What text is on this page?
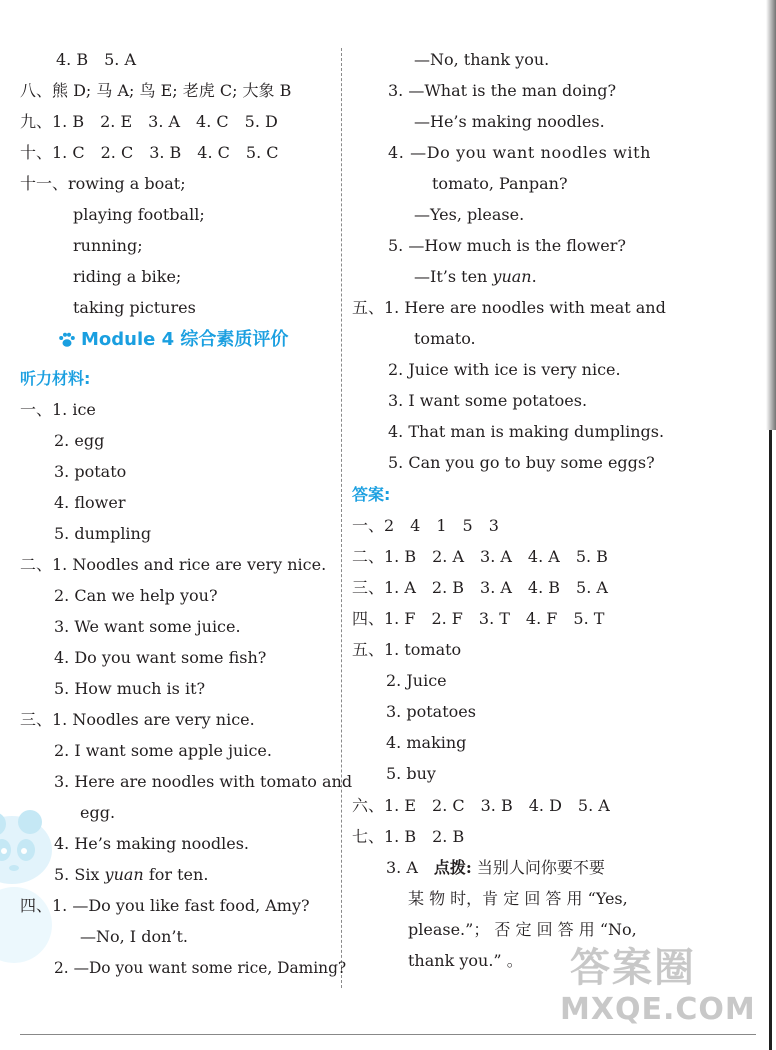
4. B　5. A
八、熊 D; 马 A; 鸟 E; 老虎 C; 大象 B
九、1. B　2. E　3. A　4. C　5. D
十、1. C　2. C　3. B　4. C　5. C
十一、rowing a boat;
playing football;
running;
riding a bike;
taking pictures
Module 4 综合素质评价
听力材料:
一、1. ice
2. egg
3. potato
4. flower
5. dumpling
二、1. Noodles and rice are very nice.
2. Can we help you?
3. We want some juice.
4. Do you want some fish?
5. How much is it?
三、1. Noodles are very nice.
2. I want some apple juice.
3. Here are noodles with tomato and
egg.
4. He’s making noodles.
5. Six yuan for ten.
四、1. —Do you like fast food, Amy?
—No, I don’t.
2. —Do you want some rice, Daming?
—No, thank you.
3. —What is the man doing?
—He’s making noodles.
4. —Do you want noodles with
tomato, Panpan?
—Yes, please.
5. —How much is the flower?
—It’s ten yuan.
五、1. Here are noodles with meat and
tomato.
2. Juice with ice is very nice.
3. I want some potatoes.
4. That man is making dumplings.
5. Can you go to buy some eggs?
答案:
一、2　4　1　5　3
二、1. B　2. A　3. A　4. A　5. B
三、1. A　2. B　3. A　4. B　5. A
四、1. F　2. F　3. T　4. F　5. T
五、1. tomato
2. Juice
3. potatoes
4. making
5. buy
六、1. E　2. C　3. B　4. D　5. A
七、1. B　2. B
3. A　点拨: 当别人问你要不要
某 物 时，肯 定 回 答 用 “Yes,
please.”； 否 定 回 答 用 “No,
thank you.” 。 答案圈
MXQE.COM
